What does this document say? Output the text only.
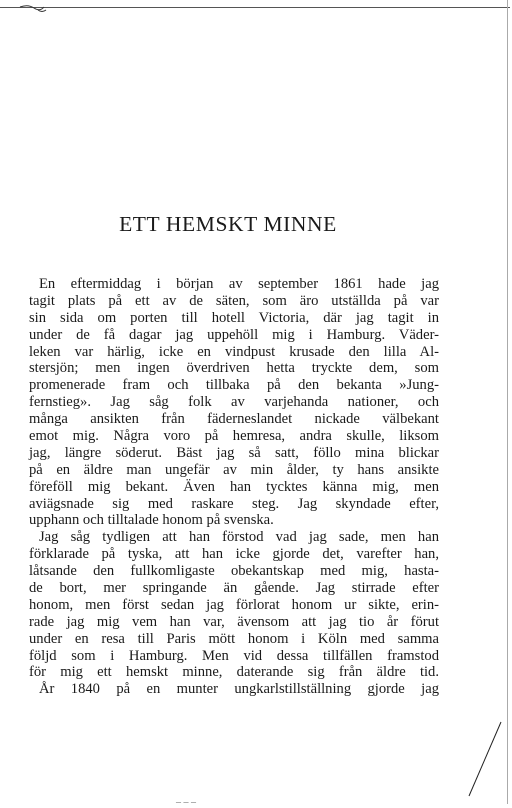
ETT HEMSKT MINNE
En eftermiddag i början av september 1861 hade jag
tagit plats på ett av de säten, som äro utställda på var
sin sida om porten till hotell Victoria, där jag tagit in
under de få dagar jag uppehöll mig i Hamburg. Väder-
leken var härlig, icke en vindpust krusade den lilla Al-
stersjön; men ingen överdriven hetta tryckte dem, som
promenerade fram och tillbaka på den bekanta »Jung-
fernstieg». Jag såg folk av varjehanda nationer, och
många ansikten från fäderneslandet nickade välbekant
emot mig. Några voro på hemresa, andra skulle, liksom
jag, längre söderut. Bäst jag så satt, föllo mina blickar
på en äldre man ungefär av min ålder, ty hans ansikte
föreföll mig bekant. Även han tycktes känna mig, men
aviägsnade sig med raskare steg. Jag skyndade efter,
upphann och tilltalade honom på svenska.
Jag såg tydligen att han förstod vad jag sade, men han
förklarade på tyska, att han icke gjorde det, varefter han,
låtsande den fullkomligaste obekantskap med mig, hasta-
de bort, mer springande än gående. Jag stirrade efter
honom, men först sedan jag förlorat honom ur sikte, erin-
rade jag mig vem han var, ävensom att jag tio år förut
under en resa till Paris mött honom i Köln med samma
följd som i Hamburg. Men vid dessa tillfällen framstod
för mig ett hemskt minne, daterande sig från äldre tid.
År 1840 på en munter ungkarlstillställning gjorde jag
– – –
